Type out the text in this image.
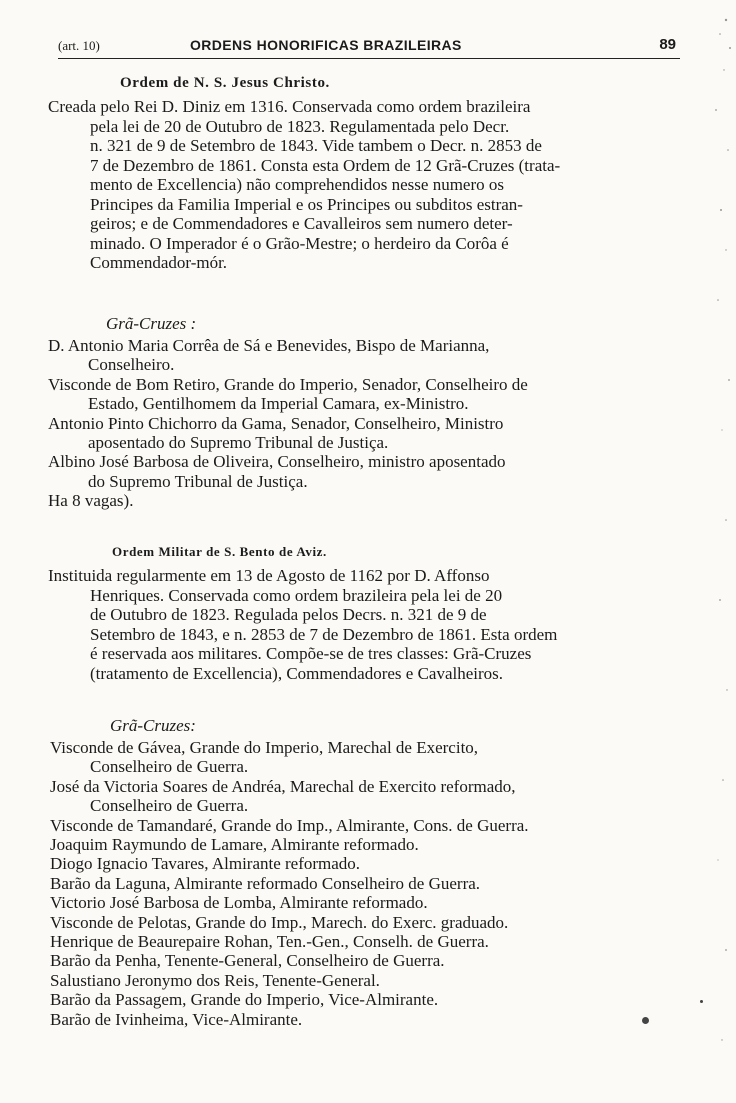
(art. 10)	ORDENS HONORIFICAS BRAZILEIRAS	89
Ordem de N. S. Jesus Christo.
Creada pelo Rei D. Diniz em 1316. Conservada como ordem brazileira
pela lei de 20 de Outubro de 1823. Regulamentada pelo Decr.
n. 321 de 9 de Setembro de 1843. Vide tambem o Decr. n. 2853 de
7 de Dezembro de 1861. Consta esta Ordem de 12 Grã-Cruzes (trata-
mento de Excellencia) não comprehendidos nesse numero os
Principes da Familia Imperial e os Principes ou subditos estran-
geiros; e de Commendadores e Cavalleiros sem numero deter-
minado. O Imperador é o Grão-Mestre; o herdeiro da Corôa é
Commendador-mór.
Grã-Cruzes :
D. Antonio Maria Corrêa de Sá e Benevides, Bispo de Marianna,
Conselheiro.
Visconde de Bom Retiro, Grande do Imperio, Senador, Conselheiro de
Estado, Gentilhomem da Imperial Camara, ex-Ministro.
Antonio Pinto Chichorro da Gama, Senador, Conselheiro, Ministro
aposentado do Supremo Tribunal de Justiça.
Albino José Barbosa de Oliveira, Conselheiro, ministro aposentado
do Supremo Tribunal de Justiça.
Ha 8 vagas).
Ordem Militar de S. Bento de Aviz.
Instituida regularmente em 13 de Agosto de 1162 por D. Affonso
Henriques. Conservada como ordem brazileira pela lei de 20
de Outubro de 1823. Regulada pelos Decrs. n. 321 de 9 de
Setembro de 1843, e n. 2853 de 7 de Dezembro de 1861. Esta ordem
é reservada aos militares. Compõe-se de tres classes: Grã-Cruzes
(tratamento de Excellencia), Commendadores e Cavalheiros.
Grã-Cruzes:
Visconde de Gávea, Grande do Imperio, Marechal de Exercito,
Conselheiro de Guerra.
José da Victoria Soares de Andréa, Marechal de Exercito reformado,
Conselheiro de Guerra.
Visconde de Tamandaré, Grande do Imp., Almirante, Cons. de Guerra.
Joaquim Raymundo de Lamare, Almirante reformado.
Diogo Ignacio Tavares, Almirante reformado.
Barão da Laguna, Almirante reformado Conselheiro de Guerra.
Victorio José Barbosa de Lomba, Almirante reformado.
Visconde de Pelotas, Grande do Imp., Marech. do Exerc. graduado.
Henrique de Beaurepaire Rohan, Ten.-Gen., Conselh. de Guerra.
Barão da Penha, Tenente-General, Conselheiro de Guerra.
Salustiano Jeronymo dos Reis, Tenente-General.
Barão da Passagem, Grande do Imperio, Vice-Almirante.
Barão de Ivinheima, Vice-Almirante.
